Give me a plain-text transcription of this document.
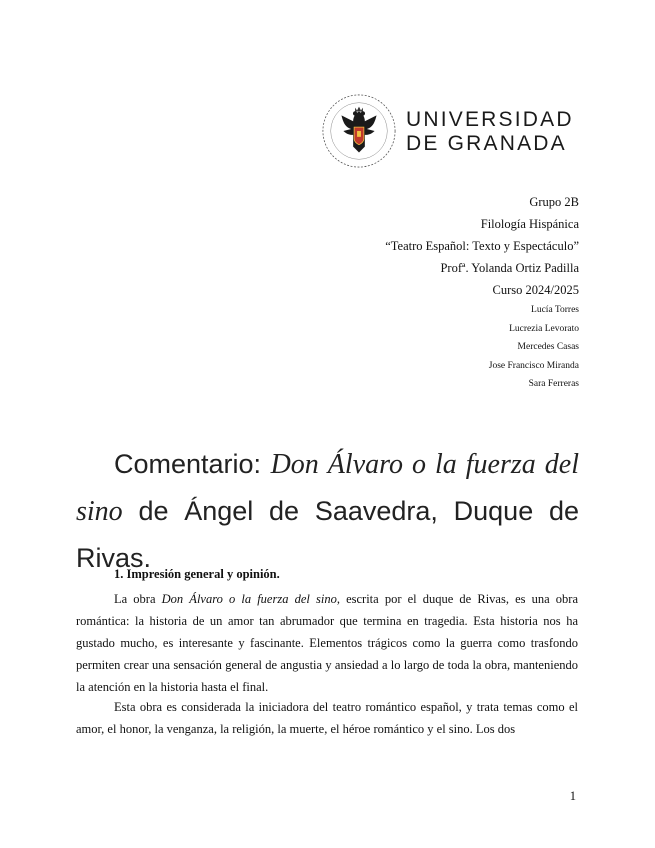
UNIVERSIDAD
DE GRANADA
Grupo 2B
Filología Hispánica
“Teatro Español: Texto y Espectáculo”
Profª. Yolanda Ortiz Padilla
Curso 2024/2025
Lucía Torres
Lucrezia Levorato
Mercedes Casas
Jose Francisco Miranda
Sara Ferreras
Comentario: Don Álvaro o la fuerza del sino de Ángel de Saavedra, Duque de Rivas.
1. Impresión general y opinión.
La obra Don Álvaro o la fuerza del sino, escrita por el duque de Rivas, es una obra romántica: la historia de un amor tan abrumador que termina en tragedia. Esta historia nos ha gustado mucho, es interesante y fascinante. Elementos trágicos como la guerra como trasfondo permiten crear una sensación general de angustia y ansiedad a lo largo de toda la obra, manteniendo la atención en la historia hasta el final.
Esta obra es considerada la iniciadora del teatro romántico español, y trata temas como el amor, el honor, la venganza, la religión, la muerte, el héroe romántico y el sino. Los dos
1
